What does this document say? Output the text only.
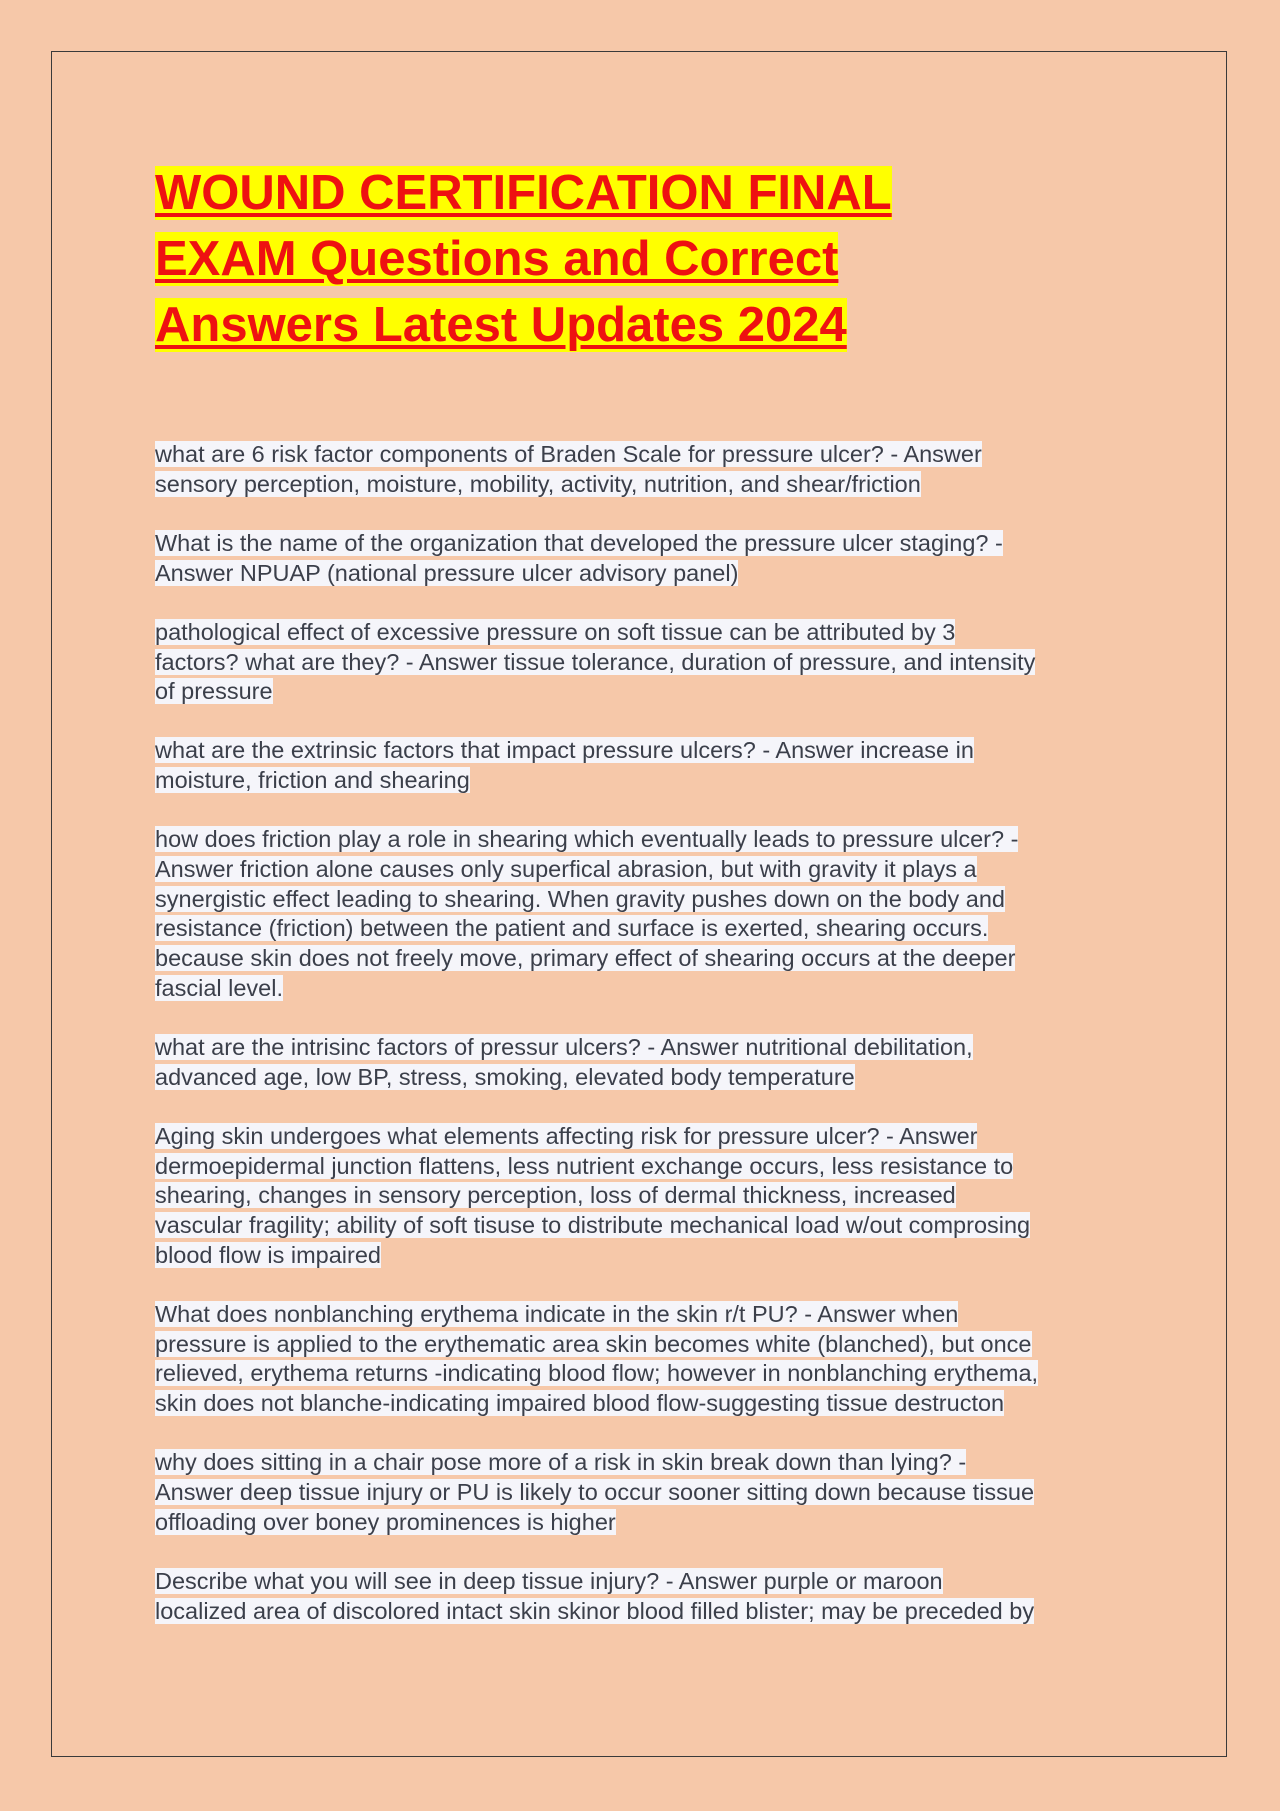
WOUND CERTIFICATION FINAL
EXAM Questions and Correct
Answers Latest Updates 2024

what are 6 risk factor components of Braden Scale for pressure ulcer? - Answer
sensory perception, moisture, mobility, activity, nutrition, and shear/friction

What is the name of the organization that developed the pressure ulcer staging? -
Answer NPUAP (national pressure ulcer advisory panel)

pathological effect of excessive pressure on soft tissue can be attributed by 3
factors? what are they? - Answer tissue tolerance, duration of pressure, and intensity
of pressure

what are the extrinsic factors that impact pressure ulcers? - Answer increase in
moisture, friction and shearing

how does friction play a role in shearing which eventually leads to pressure ulcer? -
Answer friction alone causes only superfical abrasion, but with gravity it plays a
synergistic effect leading to shearing. When gravity pushes down on the body and
resistance (friction) between the patient and surface is exerted, shearing occurs.
because skin does not freely move, primary effect of shearing occurs at the deeper
fascial level.

what are the intrisinc factors of pressur ulcers? - Answer nutritional debilitation,
advanced age, low BP, stress, smoking, elevated body temperature

Aging skin undergoes what elements affecting risk for pressure ulcer? - Answer
dermoepidermal junction flattens, less nutrient exchange occurs, less resistance to
shearing, changes in sensory perception, loss of dermal thickness, increased
vascular fragility; ability of soft tisuse to distribute mechanical load w/out comprosing
blood flow is impaired

What does nonblanching erythema indicate in the skin r/t PU? - Answer when
pressure is applied to the erythematic area skin becomes white (blanched), but once
relieved, erythema returns -indicating blood flow; however in nonblanching erythema,
skin does not blanche-indicating impaired blood flow-suggesting tissue destructon

why does sitting in a chair pose more of a risk in skin break down than lying? -
Answer deep tissue injury or PU is likely to occur sooner sitting down because tissue
offloading over boney prominences is higher

Describe what you will see in deep tissue injury? - Answer purple or maroon
localized area of discolored intact skin skinor blood filled blister; may be preceded by
